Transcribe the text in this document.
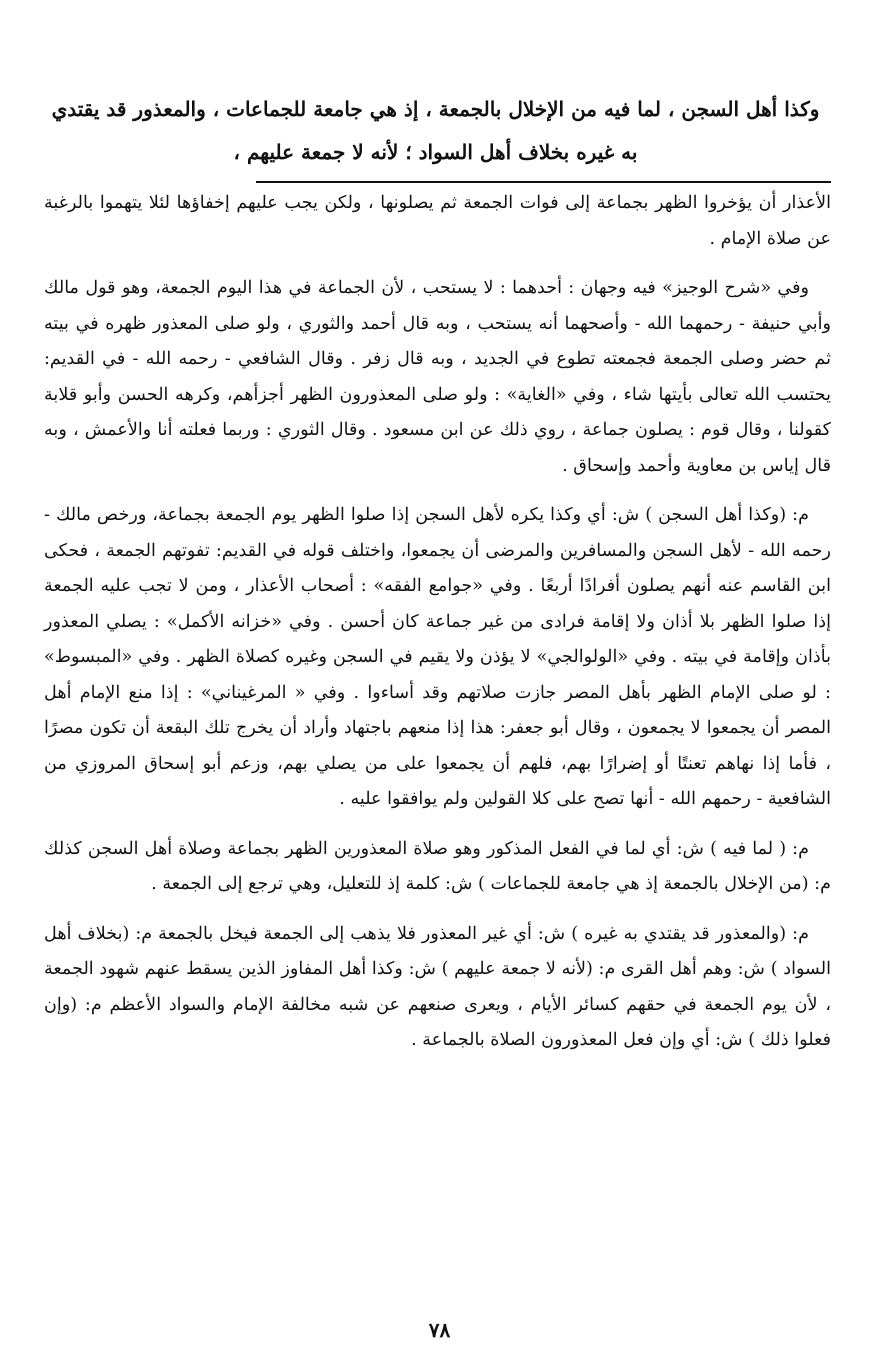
وكذا أهل السجن ، لما فيه من الإخلال بالجمعة ، إذ هي جامعة للجماعات ، والمعذور قد يقتدي به غيره بخلاف أهل السواد ؛ لأنه لا جمعة عليهم ،

الأعذار أن يؤخروا الظهر بجماعة إلى فوات الجمعة ثم يصلونها ، ولكن يجب عليهم إخفاؤها لئلا يتهموا بالرغبة عن صلاة الإمام .

وفي «شرح الوجيز» فيه وجهان : أحدهما : لا يستحب ، لأن الجماعة في هذا اليوم الجمعة، وهو قول مالك وأبي حنيفة - رحمهما الله - وأصحهما أنه يستحب ، وبه قال أحمد والثوري ، ولو صلى المعذور ظهره في بيته ثم حضر وصلى الجمعة فجمعته تطوع في الجديد ، وبه قال زفر . وقال الشافعي - رحمه الله - في القديم: يحتسب الله تعالى بأيتها شاء ، وفي «الغاية» : ولو صلى المعذورون الظهر أجزأهم، وكرهه الحسن وأبو قلابة كقولنا ، وقال قوم : يصلون جماعة ، روي ذلك عن ابن مسعود . وقال الثوري : وربما فعلته أنا والأعمش ، وبه قال إياس بن معاوية وأحمد وإسحاق .

م: (وكذا أهل السجن ) ش: أي وكذا يكره لأهل السجن إذا صلوا الظهر يوم الجمعة بجماعة، ورخص مالك - رحمه الله - لأهل السجن والمسافرين والمرضى أن يجمعوا، واختلف قوله في القديم: تفوتهم الجمعة ، فحكى ابن القاسم عنه أنهم يصلون أفرادًا أربعًا . وفي «جوامع الفقه» : أصحاب الأعذار ، ومن لا تجب عليه الجمعة إذا صلوا الظهر بلا أذان ولا إقامة فرادى من غير جماعة كان أحسن . وفي «خزانه الأكمل» : يصلي المعذور بأذان وإقامة في بيته . وفي «الولوالجي» لا يؤذن ولا يقيم في السجن وغيره كصلاة الظهر . وفي «المبسوط» : لو صلى الإمام الظهر بأهل المصر جازت صلاتهم وقد أساءوا . وفي « المرغيناني» : إذا منع الإمام أهل المصر أن يجمعوا لا يجمعون ، وقال أبو جعفر: هذا إذا منعهم باجتهاد وأراد أن يخرج تلك البقعة أن تكون مصرًا ، فأما إذا نهاهم تعنتًا أو إضرارًا بهم، فلهم أن يجمعوا على من يصلي بهم، وزعم أبو إسحاق المروزي من الشافعية - رحمهم الله - أنها تصح على كلا القولين ولم يوافقوا عليه .

م: ( لما فيه ) ش: أي لما في الفعل المذكور وهو صلاة المعذورين الظهر بجماعة وصلاة أهل السجن كذلك م: (من الإخلال بالجمعة إذ هي جامعة للجماعات ) ش: كلمة إذ للتعليل، وهي ترجع إلى الجمعة .

م: (والمعذور قد يقتدي به غيره ) ش: أي غير المعذور فلا يذهب إلى الجمعة فيخل بالجمعة م: (بخلاف أهل السواد ) ش: وهم أهل القرى م: (لأنه لا جمعة عليهم ) ش: وكذا أهل المفاوز الذين يسقط عنهم شهود الجمعة ، لأن يوم الجمعة في حقهم كسائر الأيام ، ويعرى صنعهم عن شبه مخالفة الإمام والسواد الأعظم م: (وإن فعلوا ذلك ) ش: أي وإن فعل المعذورون الصلاة بالجماعة .

٧٨
